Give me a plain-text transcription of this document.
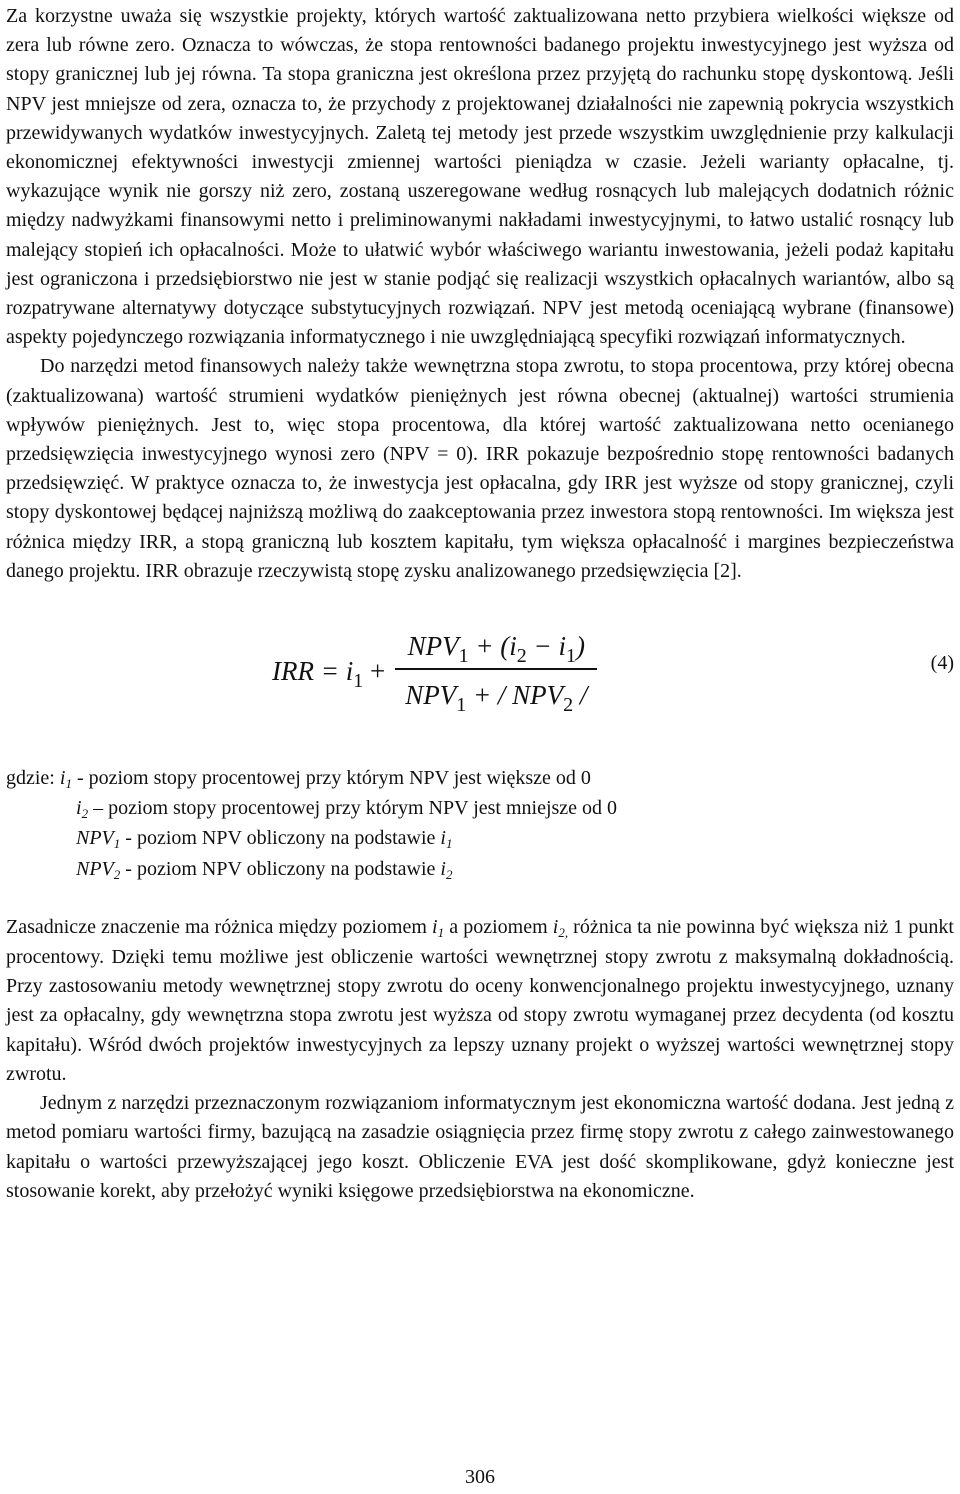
Za korzystne uważa się wszystkie projekty, których wartość zaktualizowana netto przybiera wielkości większe od zera lub równe zero. Oznacza to wówczas, że stopa rentowności badanego projektu inwestycyjnego jest wyższa od stopy granicznej lub jej równa. Ta stopa graniczna jest określona przez przyjętą do rachunku stopę dyskontową. Jeśli NPV jest mniejsze od zera, oznacza to, że przychody z projektowanej działalności nie zapewnią pokrycia wszystkich przewidywanych wydatków inwestycyjnych. Zaletą tej metody jest przede wszystkim uwzględnienie przy kalkulacji ekonomicznej efektywności inwestycji zmiennej wartości pieniądza w czasie. Jeżeli warianty opłacalne, tj. wykazujące wynik nie gorszy niż zero, zostaną uszeregowane według rosnących lub malejących dodatnich różnic między nadwyżkami finansowymi netto i preliminowanymi nakładami inwestycyjnymi, to łatwo ustalić rosnący lub malejący stopień ich opłacalności. Może to ułatwić wybór właściwego wariantu inwestowania, jeżeli podaż kapitału jest ograniczona i przedsiębiorstwo nie jest w stanie podjąć się realizacji wszystkich opłacalnych wariantów, albo są rozpatrywane alternatywy dotyczące substytucyjnych rozwiązań. NPV jest metodą oceniającą wybrane (finansowe) aspekty pojedynczego rozwiązania informatycznego i nie uwzględniającą specyfiki rozwiązań informatycznych.

Do narzędzi metod finansowych należy także wewnętrzna stopa zwrotu, to stopa procentowa, przy której obecna (zaktualizowana) wartość strumieni wydatków pieniężnych jest równa obecnej (aktualnej) wartości strumienia wpływów pieniężnych. Jest to, więc stopa procentowa, dla której wartość zaktualizowana netto ocenianego przedsięwzięcia inwestycyjnego wynosi zero (NPV = 0). IRR pokazuje bezpośrednio stopę rentowności badanych przedsięwzięć. W praktyce oznacza to, że inwestycja jest opłacalna, gdy IRR jest wyższe od stopy granicznej, czyli stopy dyskontowej będącej najniższą możliwą do zaakceptowania przez inwestora stopą rentowności. Im większa jest różnica między IRR, a stopą graniczną lub kosztem kapitału, tym większa opłacalność i margines bezpieczeństwa danego projektu. IRR obrazuje rzeczywistą stopę zysku analizowanego przedsięwzięcia [2].

IRR = $i_1 + \frac{NPV_1 + (i_2 - i_1)}{NPV_1 + / NPV_2 /}$	(4)

gdzie: $i_1$ - poziom stopy procentowej przy którym NPV jest większe od 0

$i_2$ – poziom stopy procentowej przy którym NPV jest mniejsze od 0

$NPV_1$ - poziom NPV obliczony na podstawie $i_1$

$NPV_2$ - poziom NPV obliczony na podstawie $i_2$

Zasadnicze znaczenie ma różnica między poziomem $i_1$ a poziomem $i_{2,}$ różnica ta nie powinna być większa niż 1 punkt procentowy. Dzięki temu możliwe jest obliczenie wartości wewnętrznej stopy zwrotu z maksymalną dokładnością. Przy zastosowaniu metody wewnętrznej stopy zwrotu do oceny konwencjonalnego projektu inwestycyjnego, uznany jest za opłacalny, gdy wewnętrzna stopa zwrotu jest wyższa od stopy zwrotu wymaganej przez decydenta (od kosztu kapitału). Wśród dwóch projektów inwestycyjnych za lepszy uznany projekt o wyższej wartości wewnętrznej stopy zwrotu.

Jednym z narzędzi przeznaczonym rozwiązaniom informatycznym jest ekonomiczna wartość dodana. Jest jedną z metod pomiaru wartości firmy, bazującą na zasadzie osiągnięcia przez firmę stopy zwrotu z całego zainwestowanego kapitału o wartości przewyższającej jego koszt. Obliczenie EVA jest dość skomplikowane, gdyż konieczne jest stosowanie korekt, aby przełożyć wyniki księgowe przedsiębiorstwa na ekonomiczne.

306
